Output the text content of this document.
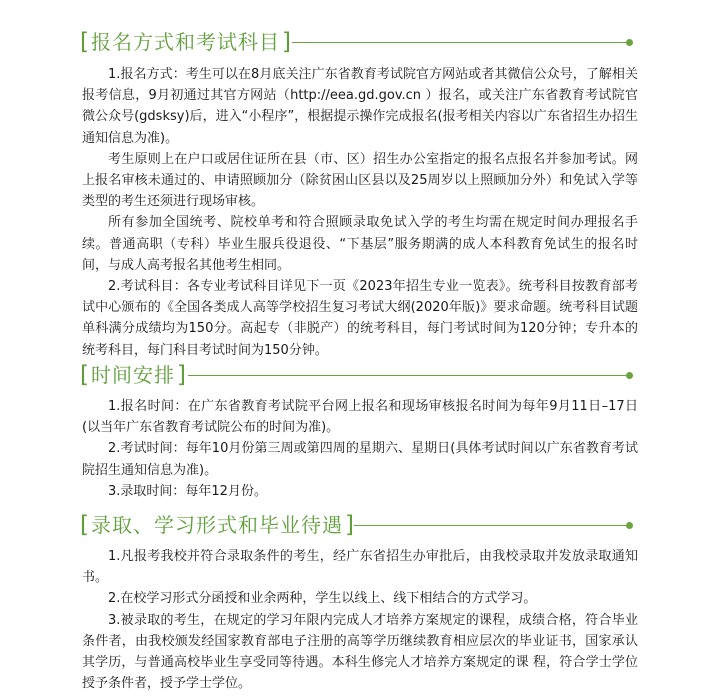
[ 报名方式和考试科目 ]

1.报名方式：考生可以在8月底关注广东省教育考试院官方网站或者其微信公众号，了解相关报考信息，9月初通过其官方网站（http://eea.gd.gov.cn ）报名，或关注广东省教育考试院官微公众号(gdsksy)后，进入“小程序”，根据提示操作完成报名(报考相关内容以广东省招生办招生通知信息为准)。

考生原则上在户口或居住证所在县（市、区）招生办公室指定的报名点报名并参加考试。网上报名审核未通过的、申请照顾加分（除贫困山区县以及25周岁以上照顾加分外）和免试入学等类型的考生还须进行现场审核。

所有参加全国统考、院校单考和符合照顾录取免试入学的考生均需在规定时间办理报名手续。普通高职（专科）毕业生服兵役退役、“下基层”服务期满的成人本科教育免试生的报名时间，与成人高考报名其他考生相同。

2.考试科目：各专业考试科目详见下一页《2023年招生专业一览表》。统考科目按教育部考试中心颁布的《全国各类成人高等学校招生复习考试大纲(2020年版)》要求命题。统考科目试题单科满分成绩均为150分。高起专（非脱产）的统考科目，每门考试时间为120分钟；专升本的统考科目，每门科目考试时间为150分钟。

[ 时间安排 ]

1.报名时间：在广东省教育考试院平台网上报名和现场审核报名时间为每年9月11日–17日 (以当年广东省教育考试院公布的时间为准)。

2.考试时间：每年10月份第三周或第四周的星期六、星期日(具体考试时间以广东省教育考试院招生通知信息为准)。

3.录取时间：每年12月份。

[ 录取、学习形式和毕业待遇 ]

1.凡报考我校并符合录取条件的考生，经广东省招生办审批后，由我校录取并发放录取通知书。

2.在校学习形式分函授和业余两种，学生以线上、线下相结合的方式学习。

3.被录取的考生，在规定的学习年限内完成人才培养方案规定的课程，成绩合格，符合毕业条件者，由我校颁发经国家教育部电子注册的高等学历继续教育相应层次的毕业证书，国家承认其学历，与普通高校毕业生享受同等待遇。本科生修完人才培养方案规定的课 程，符合学士学位授予条件者，授予学士学位。
